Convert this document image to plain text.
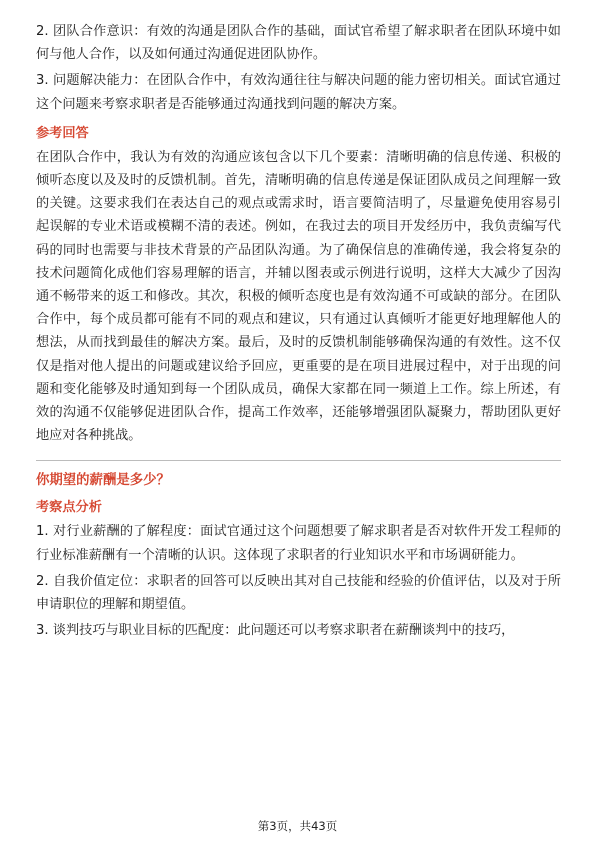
2. 团队合作意识：有效的沟通是团队合作的基础，面试官希望了解求职者在团队环境中如何与他人合作，以及如何通过沟通促进团队协作。

3. 问题解决能力：在团队合作中，有效沟通往往与解决问题的能力密切相关。面试官通过这个问题来考察求职者是否能够通过沟通找到问题的解决方案。

参考回答

在团队合作中，我认为有效的沟通应该包含以下几个要素：清晰明确的信息传递、积极的倾听态度以及及时的反馈机制。首先，清晰明确的信息传递是保证团队成员之间理解一致的关键。这要求我们在表达自己的观点或需求时，语言要简洁明了，尽量避免使用容易引起误解的专业术语或模糊不清的表述。例如，在我过去的项目开发经历中，我负责编写代码的同时也需要与非技术背景的产品团队沟通。为了确保信息的准确传递，我会将复杂的技术问题简化成他们容易理解的语言，并辅以图表或示例进行说明，这样大大减少了因沟通不畅带来的返工和修改。其次，积极的倾听态度也是有效沟通不可或缺的部分。在团队合作中，每个成员都可能有不同的观点和建议，只有通过认真倾听才能更好地理解他人的想法，从而找到最佳的解决方案。最后，及时的反馈机制能够确保沟通的有效性。这不仅仅是指对他人提出的问题或建议给予回应，更重要的是在项目进展过程中，对于出现的问题和变化能够及时通知到每一个团队成员，确保大家都在同一频道上工作。综上所述，有效的沟通不仅能够促进团队合作，提高工作效率，还能够增强团队凝聚力，帮助团队更好地应对各种挑战。

你期望的薪酬是多少？
考察点分析

1. 对行业薪酬的了解程度：面试官通过这个问题想要了解求职者是否对软件开发工程师的行业标准薪酬有一个清晰的认识。这体现了求职者的行业知识水平和市场调研能力。

2. 自我价值定位：求职者的回答可以反映出其对自己技能和经验的价值评估，以及对于所申请职位的理解和期望值。

3. 谈判技巧与职业目标的匹配度：此问题还可以考察求职者在薪酬谈判中的技巧，

第3页，共43页
